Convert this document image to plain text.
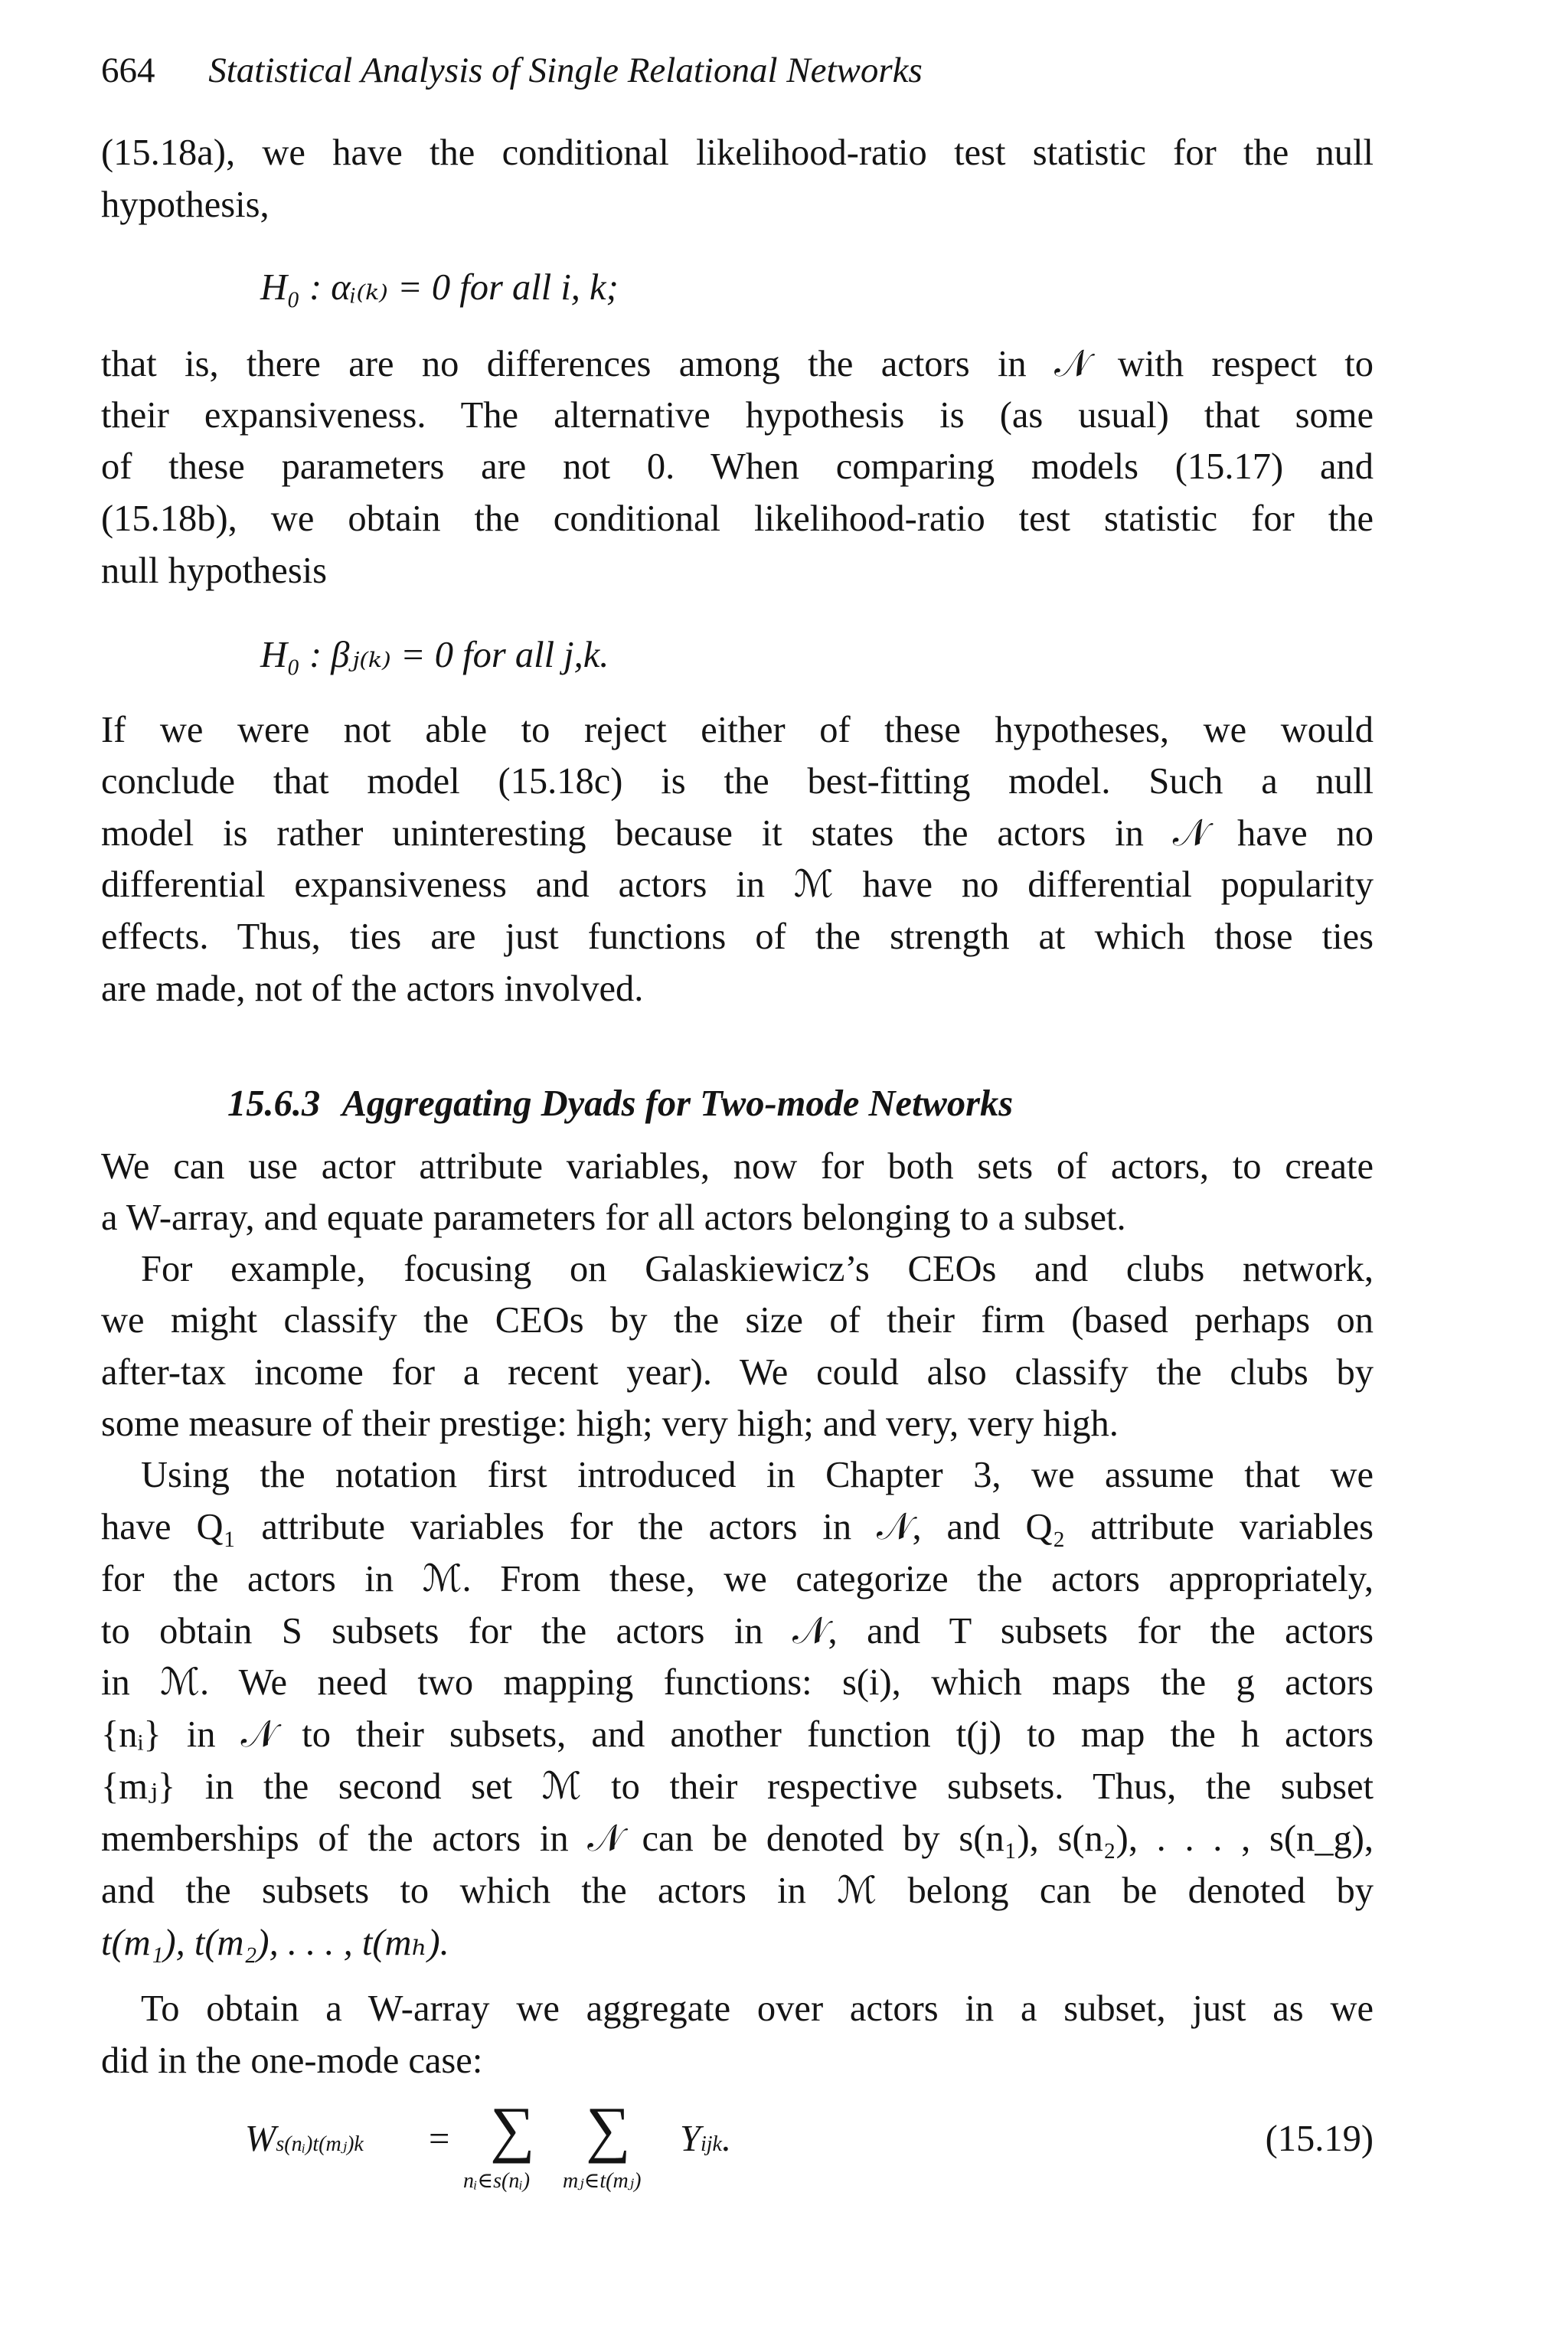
664 Statistical Analysis of Single Relational Networks
(15.18a), we have the conditional likelihood-ratio test statistic for the null
hypothesis,
H₀ : αᵢ₍ₖ₎ = 0 for all i, k;
that is, there are no differences among the actors in 𝒩 with respect to
their expansiveness. The alternative hypothesis is (as usual) that some
of these parameters are not 0. When comparing models (15.17) and
(15.18b), we obtain the conditional likelihood-ratio test statistic for the
null hypothesis
H₀ : βⱼ₍ₖ₎ = 0 for all j,k.
If we were not able to reject either of these hypotheses, we would
conclude that model (15.18c) is the best-fitting model. Such a null
model is rather uninteresting because it states the actors in 𝒩 have no
differential expansiveness and actors in ℳ have no differential popularity
effects. Thus, ties are just functions of the strength at which those ties
are made, not of the actors involved.
15.6.3 Aggregating Dyads for Two-mode Networks
We can use actor attribute variables, now for both sets of actors, to create
a W-array, and equate parameters for all actors belonging to a subset.
For example, focusing on Galaskiewicz’s CEOs and clubs network,
we might classify the CEOs by the size of their firm (based perhaps on
after-tax income for a recent year). We could also classify the clubs by
some measure of their prestige: high; very high; and very, very high.
Using the notation first introduced in Chapter 3, we assume that we
have Q₁ attribute variables for the actors in 𝒩, and Q₂ attribute variables
for the actors in ℳ. From these, we categorize the actors appropriately,
to obtain S subsets for the actors in 𝒩, and T subsets for the actors
in ℳ. We need two mapping functions: s(i), which maps the g actors
{nᵢ} in 𝒩 to their subsets, and another function t(j) to map the h actors
{mⱼ} in the second set ℳ to their respective subsets. Thus, the subset
memberships of the actors in 𝒩 can be denoted by s(n₁), s(n₂), . . . , s(n_g),
and the subsets to which the actors in ℳ belong can be denoted by
t(m₁), t(m₂), . . . , t(mₕ).
To obtain a W-array we aggregate over actors in a subset, just as we
did in the one-mode case:
Ws(nᵢ)t(mⱼ)k = ∑ ∑
nᵢ∈s(nᵢ) mⱼ∈t(mⱼ)
Yijk.	(15.19)
